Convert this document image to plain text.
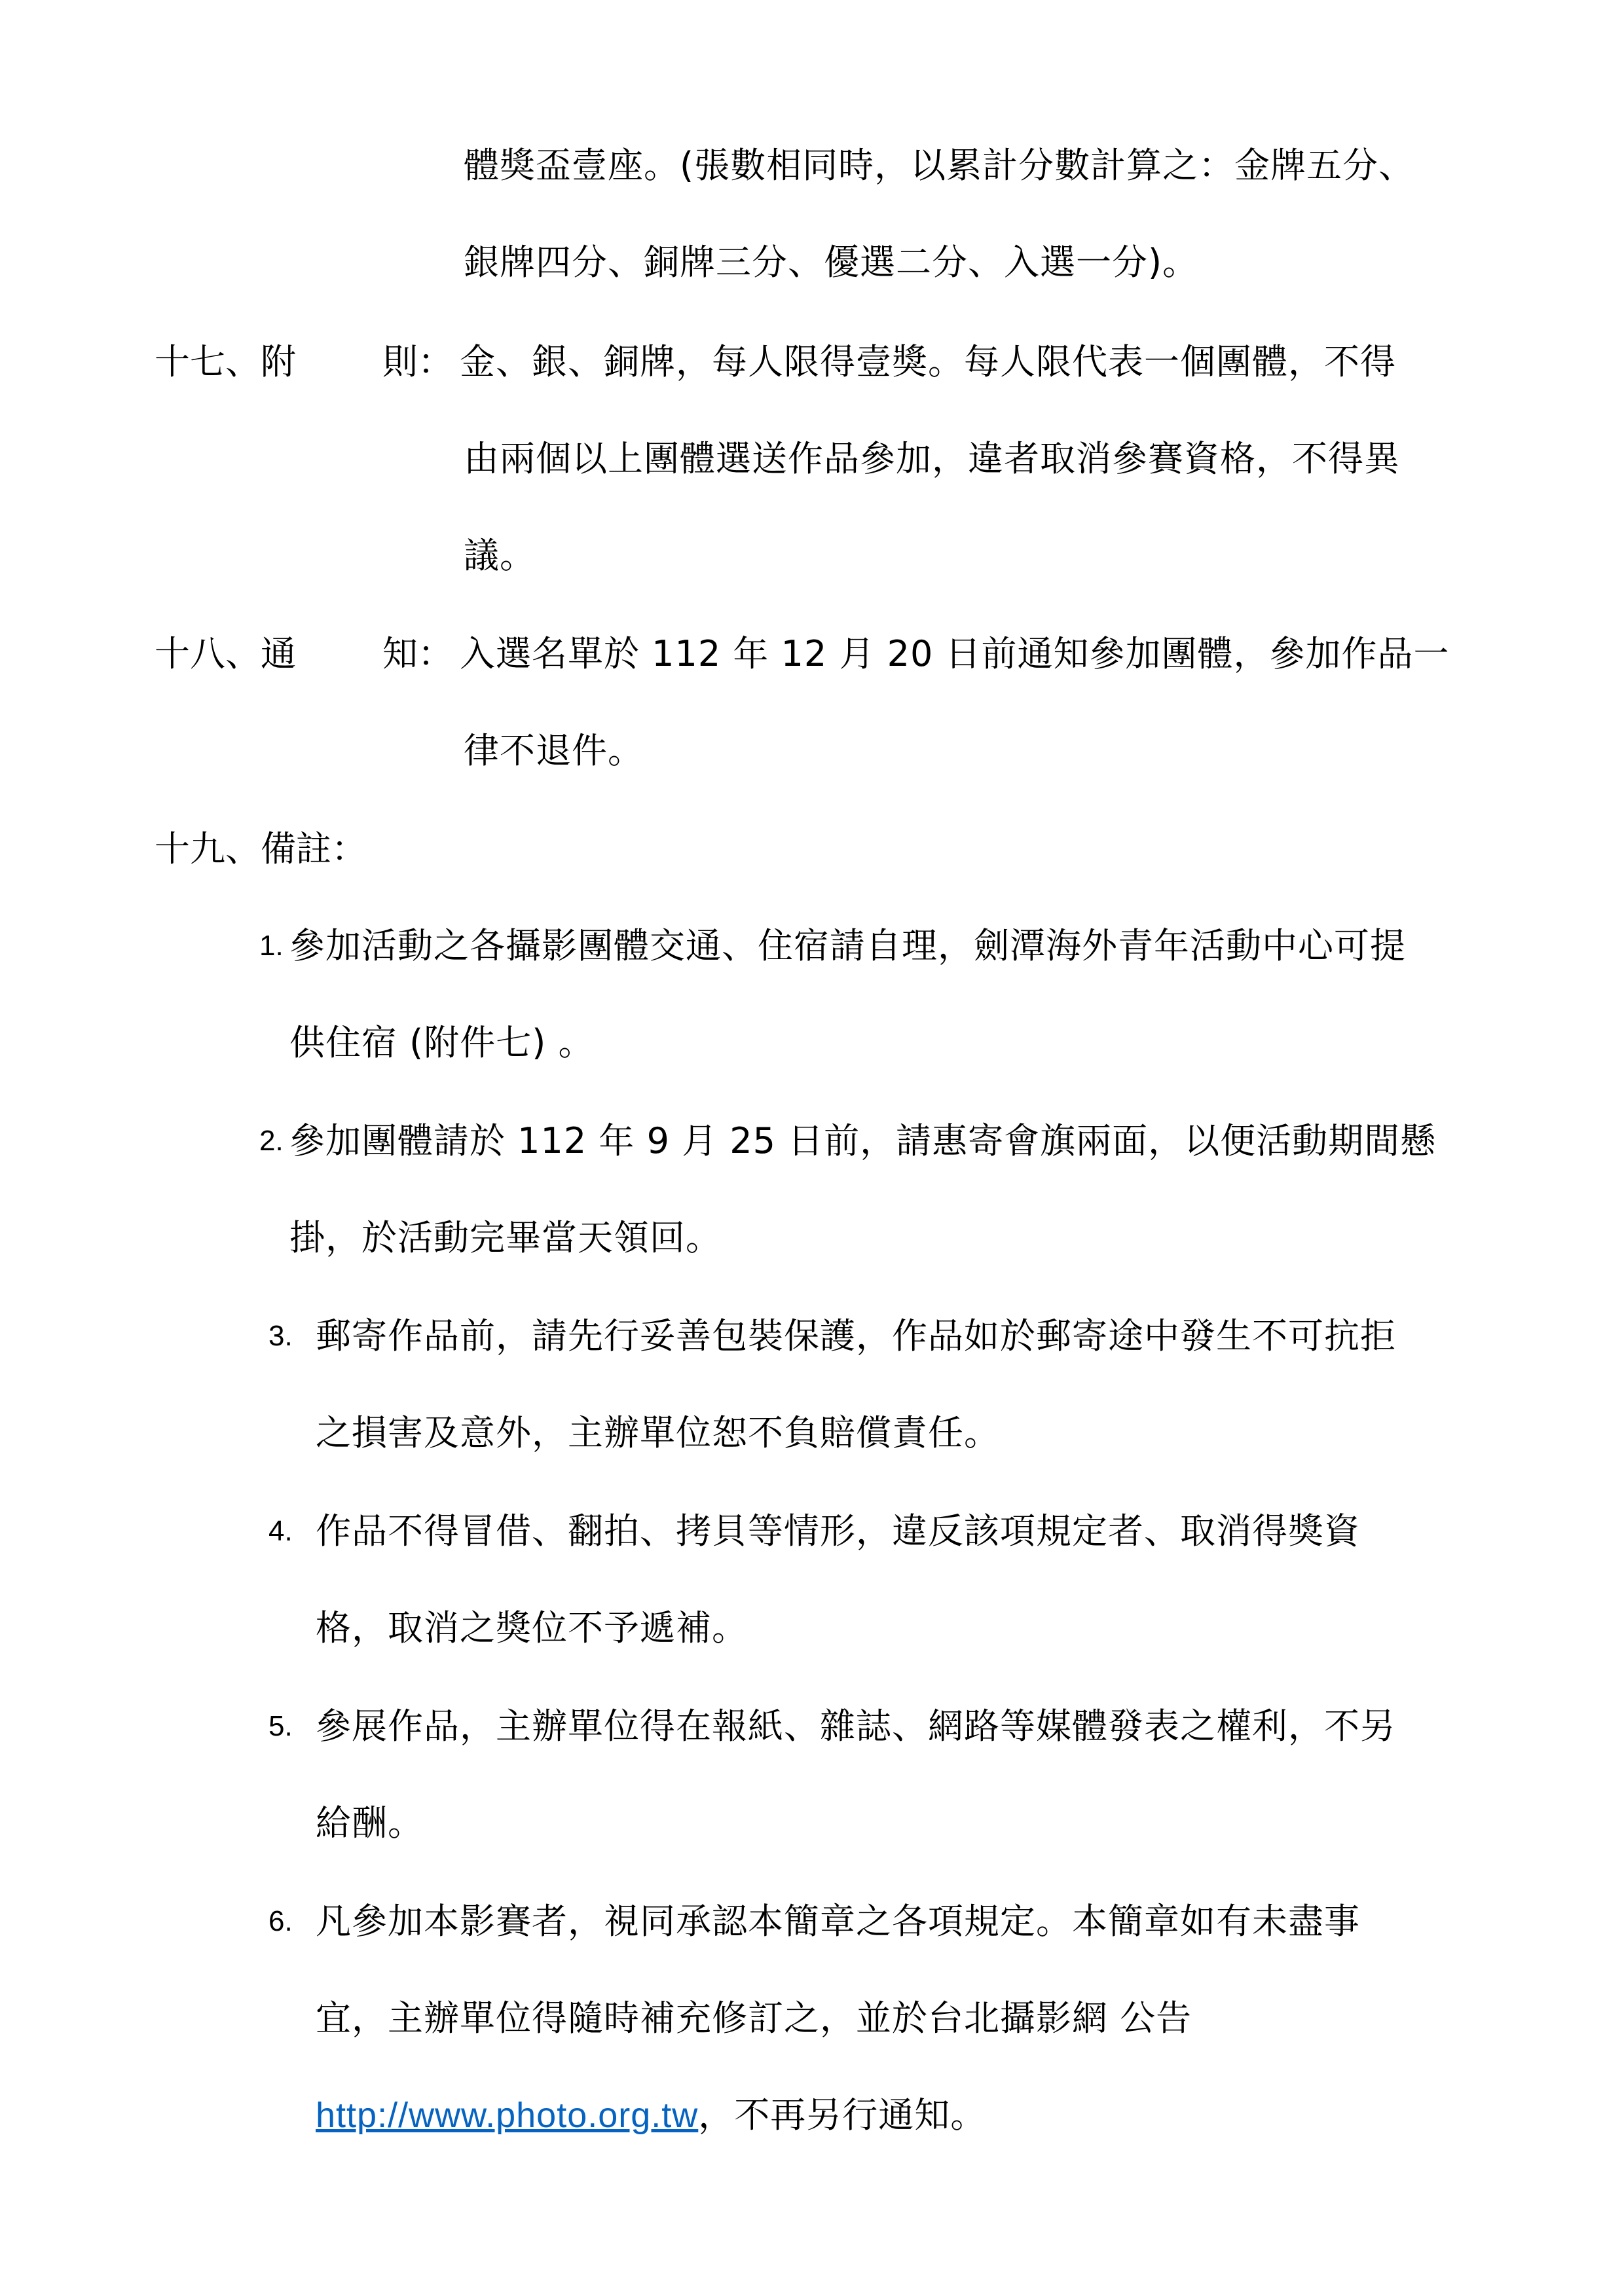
體獎盃壹座。(張數相同時，以累計分數計算之：金牌五分、
銀牌四分、銅牌三分、優選二分、入選一分)。
十七、附 則： 金、銀、銅牌，每人限得壹獎。每人限代表一個團體，不得
由兩個以上團體選送作品參加，違者取消參賽資格，不得異
議。
十八、通 知： 入選名單於 112 年 12 月 20 日前通知參加團體，參加作品一
律不退件。
十九、備註：
1. 參加活動之各攝影團體交通、住宿請自理，劍潭海外青年活動中心可提
供住宿 (附件七) 。
2. 參加團體請於 112 年 9 月 25 日前，請惠寄會旗兩面，以便活動期間懸
掛，於活動完畢當天領回。
3. 郵寄作品前，請先行妥善包裝保護，作品如於郵寄途中發生不可抗拒
之損害及意外，主辦單位恕不負賠償責任。
4. 作品不得冒借、翻拍、拷貝等情形，違反該項規定者、取消得獎資
格，取消之獎位不予遞補。
5. 參展作品，主辦單位得在報紙、雜誌、網路等媒體發表之權利，不另
給酬。
6. 凡參加本影賽者，視同承認本簡章之各項規定。本簡章如有未盡事
宜，主辦單位得隨時補充修訂之，並於台北攝影網 公告
http://www.photo.org.tw，不再另行通知。
